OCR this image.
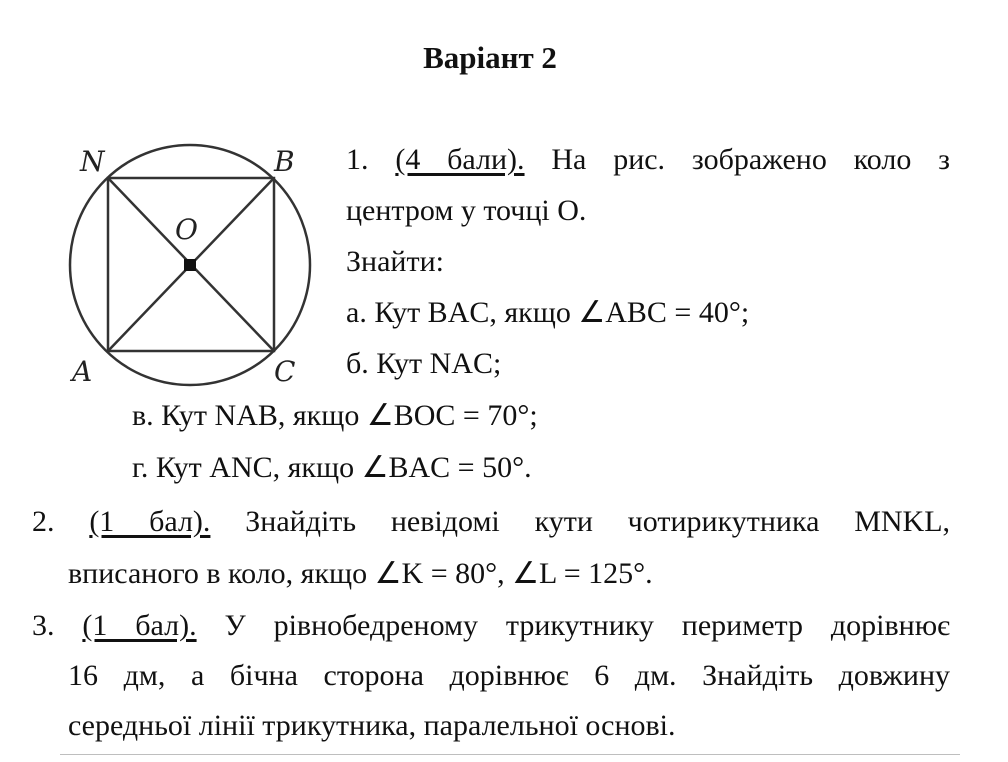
Варіант 2
N	B
O
A	C
1. (4 бали). На рис. зображено коло з
центром у точці О.
Знайти:
а. Кут BAC, якщо ∠ABC = 40°;
б. Кут NAC;
в. Кут NAB, якщо ∠BOC = 70°;
г. Кут ANC, якщо ∠BAC = 50°.
2. (1 бал). Знайдіть невідомі кути чотирикутника MNKL,
вписаного в коло, якщо ∠K = 80°, ∠L = 125°.
3. (1 бал). У рівнобедреному трикутнику периметр дорівнює
16 дм, а бічна сторона дорівнює 6 дм. Знайдіть довжину
середньої лінії трикутника, паралельної основі.
